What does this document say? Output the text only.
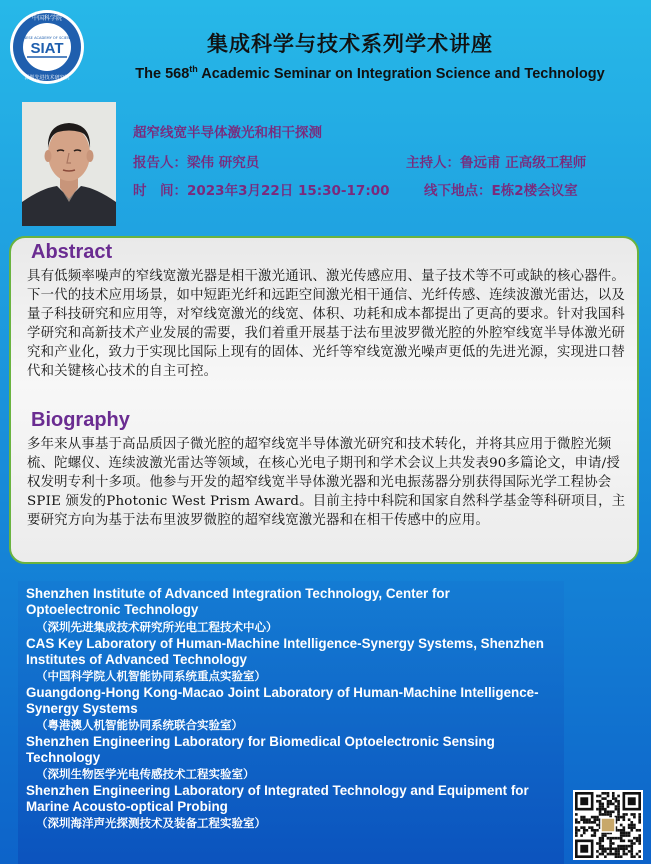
SIAT
中国科学院
深圳先进技术研究院
CHINESE ACADEMY OF SCIENCES	集成科学与技术系列学术讲座
The 568th Academic Seminar on Integration Science and Technology
超窄线宽半导体激光和相干探测
报告人：梁伟 研究员	主持人：鲁远甫 正高级工程师
时　间：2023年3月22日 15:30-17:00	线下地点：E栋2楼会议室
Abstract
具有低频率噪声的窄线宽激光器是相干激光通讯、激光传感应用、量子技术等不可或缺的核心器件。下一代的技术应用场景，如中短距光纤和远距空间激光相干通信、光纤传感、连续波激光雷达，以及量子科技研究和应用等，对窄线宽激光的线宽、体积、功耗和成本都提出了更高的要求。针对我国科学研究和高新技术产业发展的需要，我们着重开展基于法布里波罗微光腔的外腔窄线宽半导体激光研究和产业化，致力于实现比国际上现有的固体、光纤等窄线宽激光噪声更低的先进光源，实现进口替代和关键核心技术的自主可控。
Biography
多年来从事基于高品质因子微光腔的超窄线宽半导体激光研究和技术转化，并将其应用于微腔光频梳、陀螺仪、连续波激光雷达等领域，在核心光电子期刊和学术会议上共发表90多篇论文，申请/授权发明专利十多项。他参与开发的超窄线宽半导体激光器和光电振荡器分别获得国际光学工程协会SPIE 颁发的Photonic West Prism Award。目前主持中科院和国家自然科学基金等科研项目，主要研究方向为基于法布里波罗微腔的超窄线宽激光器和在相干传感中的应用。
Shenzhen Institute of Advanced Integration Technology, Center for Optoelectronic Technology
（深圳先进集成技术研究所光电工程技术中心）
CAS Key Laboratory of Human-Machine Intelligence-Synergy Systems, Shenzhen Institutes of Advanced Technology
（中国科学院人机智能协同系统重点实验室）
Guangdong-Hong Kong-Macao Joint Laboratory of Human-Machine Intelligence-Synergy Systems
（粤港澳人机智能协同系统联合实验室）
Shenzhen Engineering Laboratory for Biomedical Optoelectronic Sensing Technology
（深圳生物医学光电传感技术工程实验室）
Shenzhen Engineering Laboratory of Integrated Technology and Equipment for Marine Acousto-optical Probing
（深圳海洋声光探测技术及装备工程实验室）
